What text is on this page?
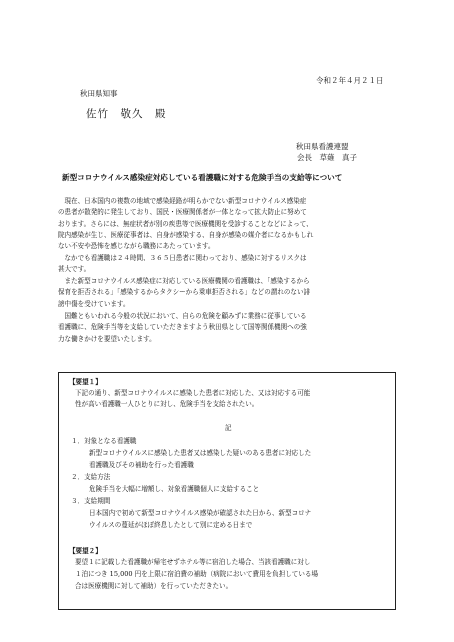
令和２年４月２１日

秋田県知事

佐竹　敬久　殿

秋田県看護連盟

会長　草薙　真子

新型コロナウイルス感染症対応している看護職に対する危険手当の支給等について

現在、日本国内の複数の地域で感染経路が明らかでない新型コロナウイルス感染症

の患者が散発的に発生しており、国民・医療関係者が一体となって拡大防止に努めて

おります。さらには、無症状者が別の疾患等で医療機関を受診することなどによって、

院内感染が生じ、医療従事者は、自身が感染する、自身が感染の媒介者になるかもしれ

ない不安や恐怖を感じながら職務にあたっています。

なかでも看護職は２４時間、３６５日患者に関わっており、感染に対するリスクは

甚大です。

また新型コロナウイルス感染症に対応している医療機関の看護職は、「感染するから

保育を拒否される」「感染するからタクシーから乗車拒否される」などの謂れのない誹

謗中傷を受けています。

国難ともいわれる今般の状況において、自らの危険を顧みずに業務に従事している

看護職に、危険手当等を支給していただきますよう秋田県として国等関係機関への強

力な働きかけを要望いたします。

【要望１】

下記の通り、新型コロナウイルスに感染した患者に対応した、又は対応する可能

性が高い看護職一人ひとりに対し、危険手当を支給されたい。

記

１．対象となる看護職

新型コロナウイルスに感染した患者又は感染した疑いのある患者に対応した

看護職及びその補助を行った看護職

２．支給方法

危険手当を大幅に増額し、対象看護職個人に支給すること

３．支給期間

日本国内で初めて新型コロナウイルス感染が確認された日から、新型コロナ

ウイルスの蔓延がほぼ終息したとして別に定める日まで

【要望２】

要望１に記載した看護職が帰宅せずホテル等に宿泊した場合、当該看護職に対し

１泊につき 15,000 円を上限に宿泊費の補助（病院において費用を負担している場

合は医療機関に対して補助）を行っていただきたい。
